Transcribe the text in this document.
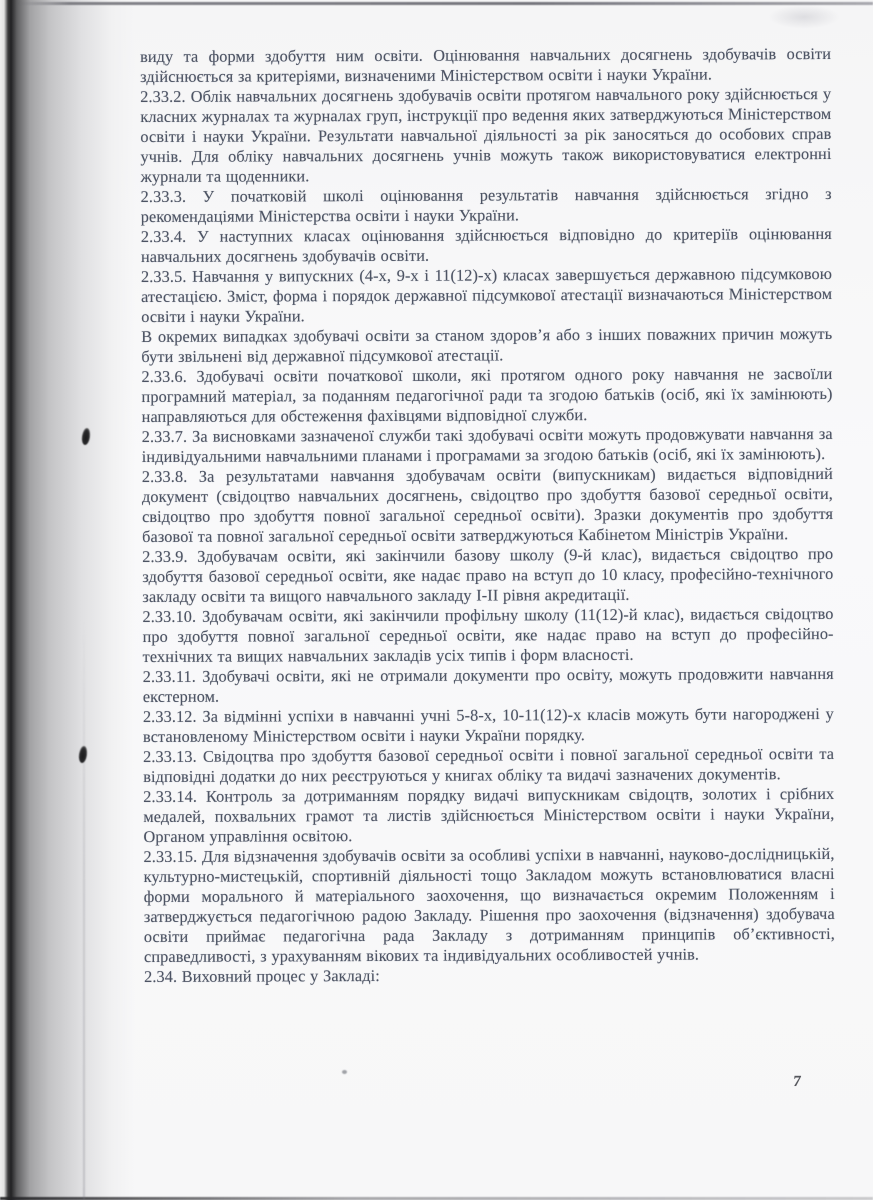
виду та форми здобуття ним освіти. Оцінювання навчальних досягнень здобувачів освіти здійснюється за критеріями, визначеними Міністерством освіти і науки України.

2.33.2. Облік навчальних досягнень здобувачів освіти протягом навчального року здійснюється у класних журналах та журналах груп, інструкції про ведення яких затверджуються Міністерством освіти і науки України. Результати навчальної діяльності за рік заносяться до особових справ учнів. Для обліку навчальних досягнень учнів можуть також використовуватися електронні журнали та щоденники.

2.33.3. У початковій школі оцінювання результатів навчання здійснюється згідно з рекомендаціями Міністерства освіти і науки України.

2.33.4. У наступних класах оцінювання здійснюється відповідно до критеріїв оцінювання навчальних досягнень здобувачів освіти.

2.33.5. Навчання у випускних (4-х, 9-х і 11(12)-х) класах завершується державною підсумковою атестацією. Зміст, форма і порядок державної підсумкової атестації визначаються Міністерством освіти і науки України.

В окремих випадках здобувачі освіти за станом здоров’я або з інших поважних причин можуть бути звільнені від державної підсумкової атестації.

2.33.6. Здобувачі освіти початкової школи, які протягом одного року навчання не засвоїли програмний матеріал, за поданням педагогічної ради та згодою батьків (осіб, які їх замінюють) направляються для обстеження фахівцями відповідної служби.

2.33.7. За висновками зазначеної служби такі здобувачі освіти можуть продовжувати навчання за індивідуальними навчальними планами і програмами за згодою батьків (осіб, які їх замінюють).

2.33.8. За результатами навчання здобувачам освіти (випускникам) видається відповідний документ (свідоцтво навчальних досягнень, свідоцтво про здобуття базової середньої освіти, свідоцтво про здобуття повної загальної середньої освіти). Зразки документів про здобуття базової та повної загальної середньої освіти затверджуються Кабінетом Міністрів України.

2.33.9. Здобувачам освіти, які закінчили базову школу (9-й клас), видається свідоцтво про здобуття базової середньої освіти, яке надає право на вступ до 10 класу, професійно-технічного закладу освіти та вищого навчального закладу І-ІІ рівня акредитації.

2.33.10. Здобувачам освіти, які закінчили профільну школу (11(12)-й клас), видається свідоцтво про здобуття повної загальної середньої освіти, яке надає право на вступ до професійно-технічних та вищих навчальних закладів усіх типів і форм власності.

2.33.11. Здобувачі освіти, які не отримали документи про освіту, можуть продовжити навчання екстерном.

2.33.12. За відмінні успіхи в навчанні учні 5-8-х, 10-11(12)-х класів можуть бути нагороджені у встановленому Міністерством освіти і науки України порядку.

2.33.13. Свідоцтва про здобуття базової середньої освіти і повної загальної середньої освіти та відповідні додатки до них реєструються у книгах обліку та видачі зазначених документів.

2.33.14. Контроль за дотриманням порядку видачі випускникам свідоцтв, золотих і срібних медалей, похвальних грамот та листів здійснюється Міністерством освіти і науки України, Органом управління освітою.

2.33.15. Для відзначення здобувачів освіти за особливі успіхи в навчанні, науково-дослідницькій, культурно-мистецькій, спортивній діяльності тощо Закладом можуть встановлюватися власні форми морального й матеріального заохочення, що визначається окремим Положенням і затверджується педагогічною радою Закладу. Рішення про заохочення (відзначення) здобувача освіти приймає педагогічна рада Закладу з дотриманням принципів об’єктивності, справедливості, з урахуванням вікових та індивідуальних особливостей учнів.

2.34. Виховний процес у Закладі:

7
